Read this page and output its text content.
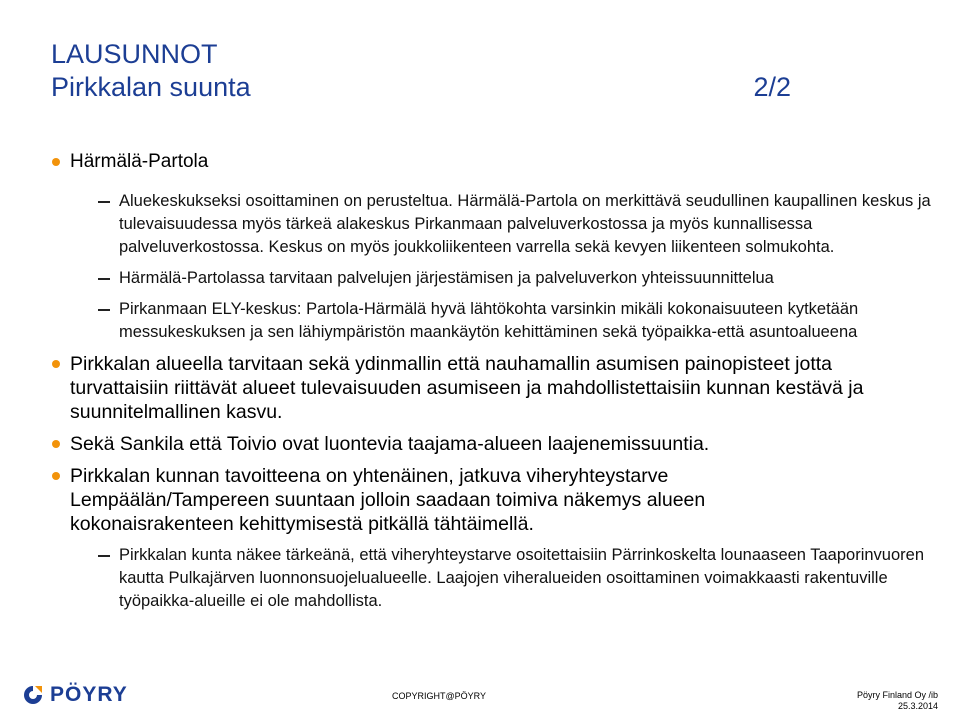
LAUSUNNOT
Pirkkalan suunta	2/2
Härmälä-Partola
Aluekeskukseksi osoittaminen on perusteltua. Härmälä-Partola on merkittävä seudullinen kaupallinen keskus ja tulevaisuudessa myös tärkeä alakeskus Pirkanmaan palveluverkostossa ja myös kunnallisessa palveluverkostossa. Keskus on myös joukkoliikenteen varrella sekä kevyen liikenteen solmukohta.
Härmälä-Partolassa tarvitaan palvelujen järjestämisen ja palveluverkon yhteissuunnittelua
Pirkanmaan ELY-keskus: Partola-Härmälä hyvä lähtökohta varsinkin mikäli kokonaisuuteen kytketään messukeskuksen ja sen lähiympäristön maankäytön kehittäminen sekä työpaikka-että asuntoalueena
Pirkkalan alueella tarvitaan sekä ydinmallin että nauhamallin asumisen painopisteet jotta turvattaisiin riittävät alueet tulevaisuuden asumiseen ja mahdollistettaisiin kunnan kestävä ja suunnitelmallinen kasvu.
Sekä Sankila että Toivio ovat luontevia taajama-alueen laajenemissuuntia.
Pirkkalan kunnan tavoitteena on yhtenäinen, jatkuva viheryhteystarve Lempäälän/Tampereen suuntaan jolloin saadaan toimiva näkemys alueen kokonaisrakenteen kehittymisestä pitkällä tähtäimellä.
Pirkkalan kunta näkee tärkeänä, että viheryhteystarve osoitettaisiin Pärrinkoskelta lounaaseen Taaporinvuoren kautta Pulkajärven luonnonsuojelualueelle. Laajojen viheralueiden osoittaminen voimakkaasti rakentuville työpaikka-alueille ei ole mahdollista.
PÖYRY	COPYRIGHT@PÖYRY	Pöyry Finland Oy /ib
25.3.2014
